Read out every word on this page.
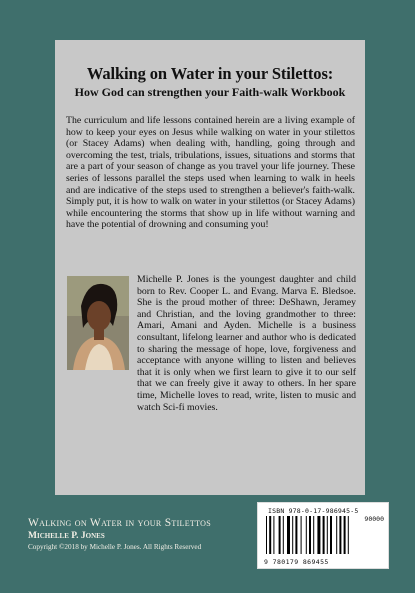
Walking on Water in your Stilettos:
How God can strengthen your Faith-walk Workbook

The curriculum and life lessons contained herein are a living example of how to keep your eyes on Jesus while walking on water in your stilettos (or Stacey Adams) when dealing with, handling, going through and overcoming the test, trials, tribulations, issues, situations and storms that are a part of your season of change as you travel your life journey. These series of lessons parallel the steps used when learning to walk in heels and are indicative of the steps used to strengthen a believer's faith-walk. Simply put, it is how to walk on water in your stilettos (or Stacey Adams) while encountering the storms that show up in life without warning and have the potential of drowning and consuming you!

Michelle P. Jones is the youngest daughter and child born to Rev. Cooper L. and Evang. Marva E. Bledsoe. She is the proud mother of three: DeShawn, Jeramey and Christian, and the loving grandmother to three: Amari, Amani and Ayden. Michelle is a business consultant, lifelong learner and author who is dedicated to sharing the message of hope, love, forgiveness and acceptance with anyone willing to listen and believes that it is only when we first learn to give it to our self that we can freely give it away to others. In her spare time, Michelle loves to read, write, listen to music and watch Sci-fi movies.

Walking on Water in your Stilettos
Michelle P. Jones
Copyright ©2018 by Michelle P. Jones. All Rights Reserved
ISBN 978-0-17-986945-5
90000
9 780179 869455
